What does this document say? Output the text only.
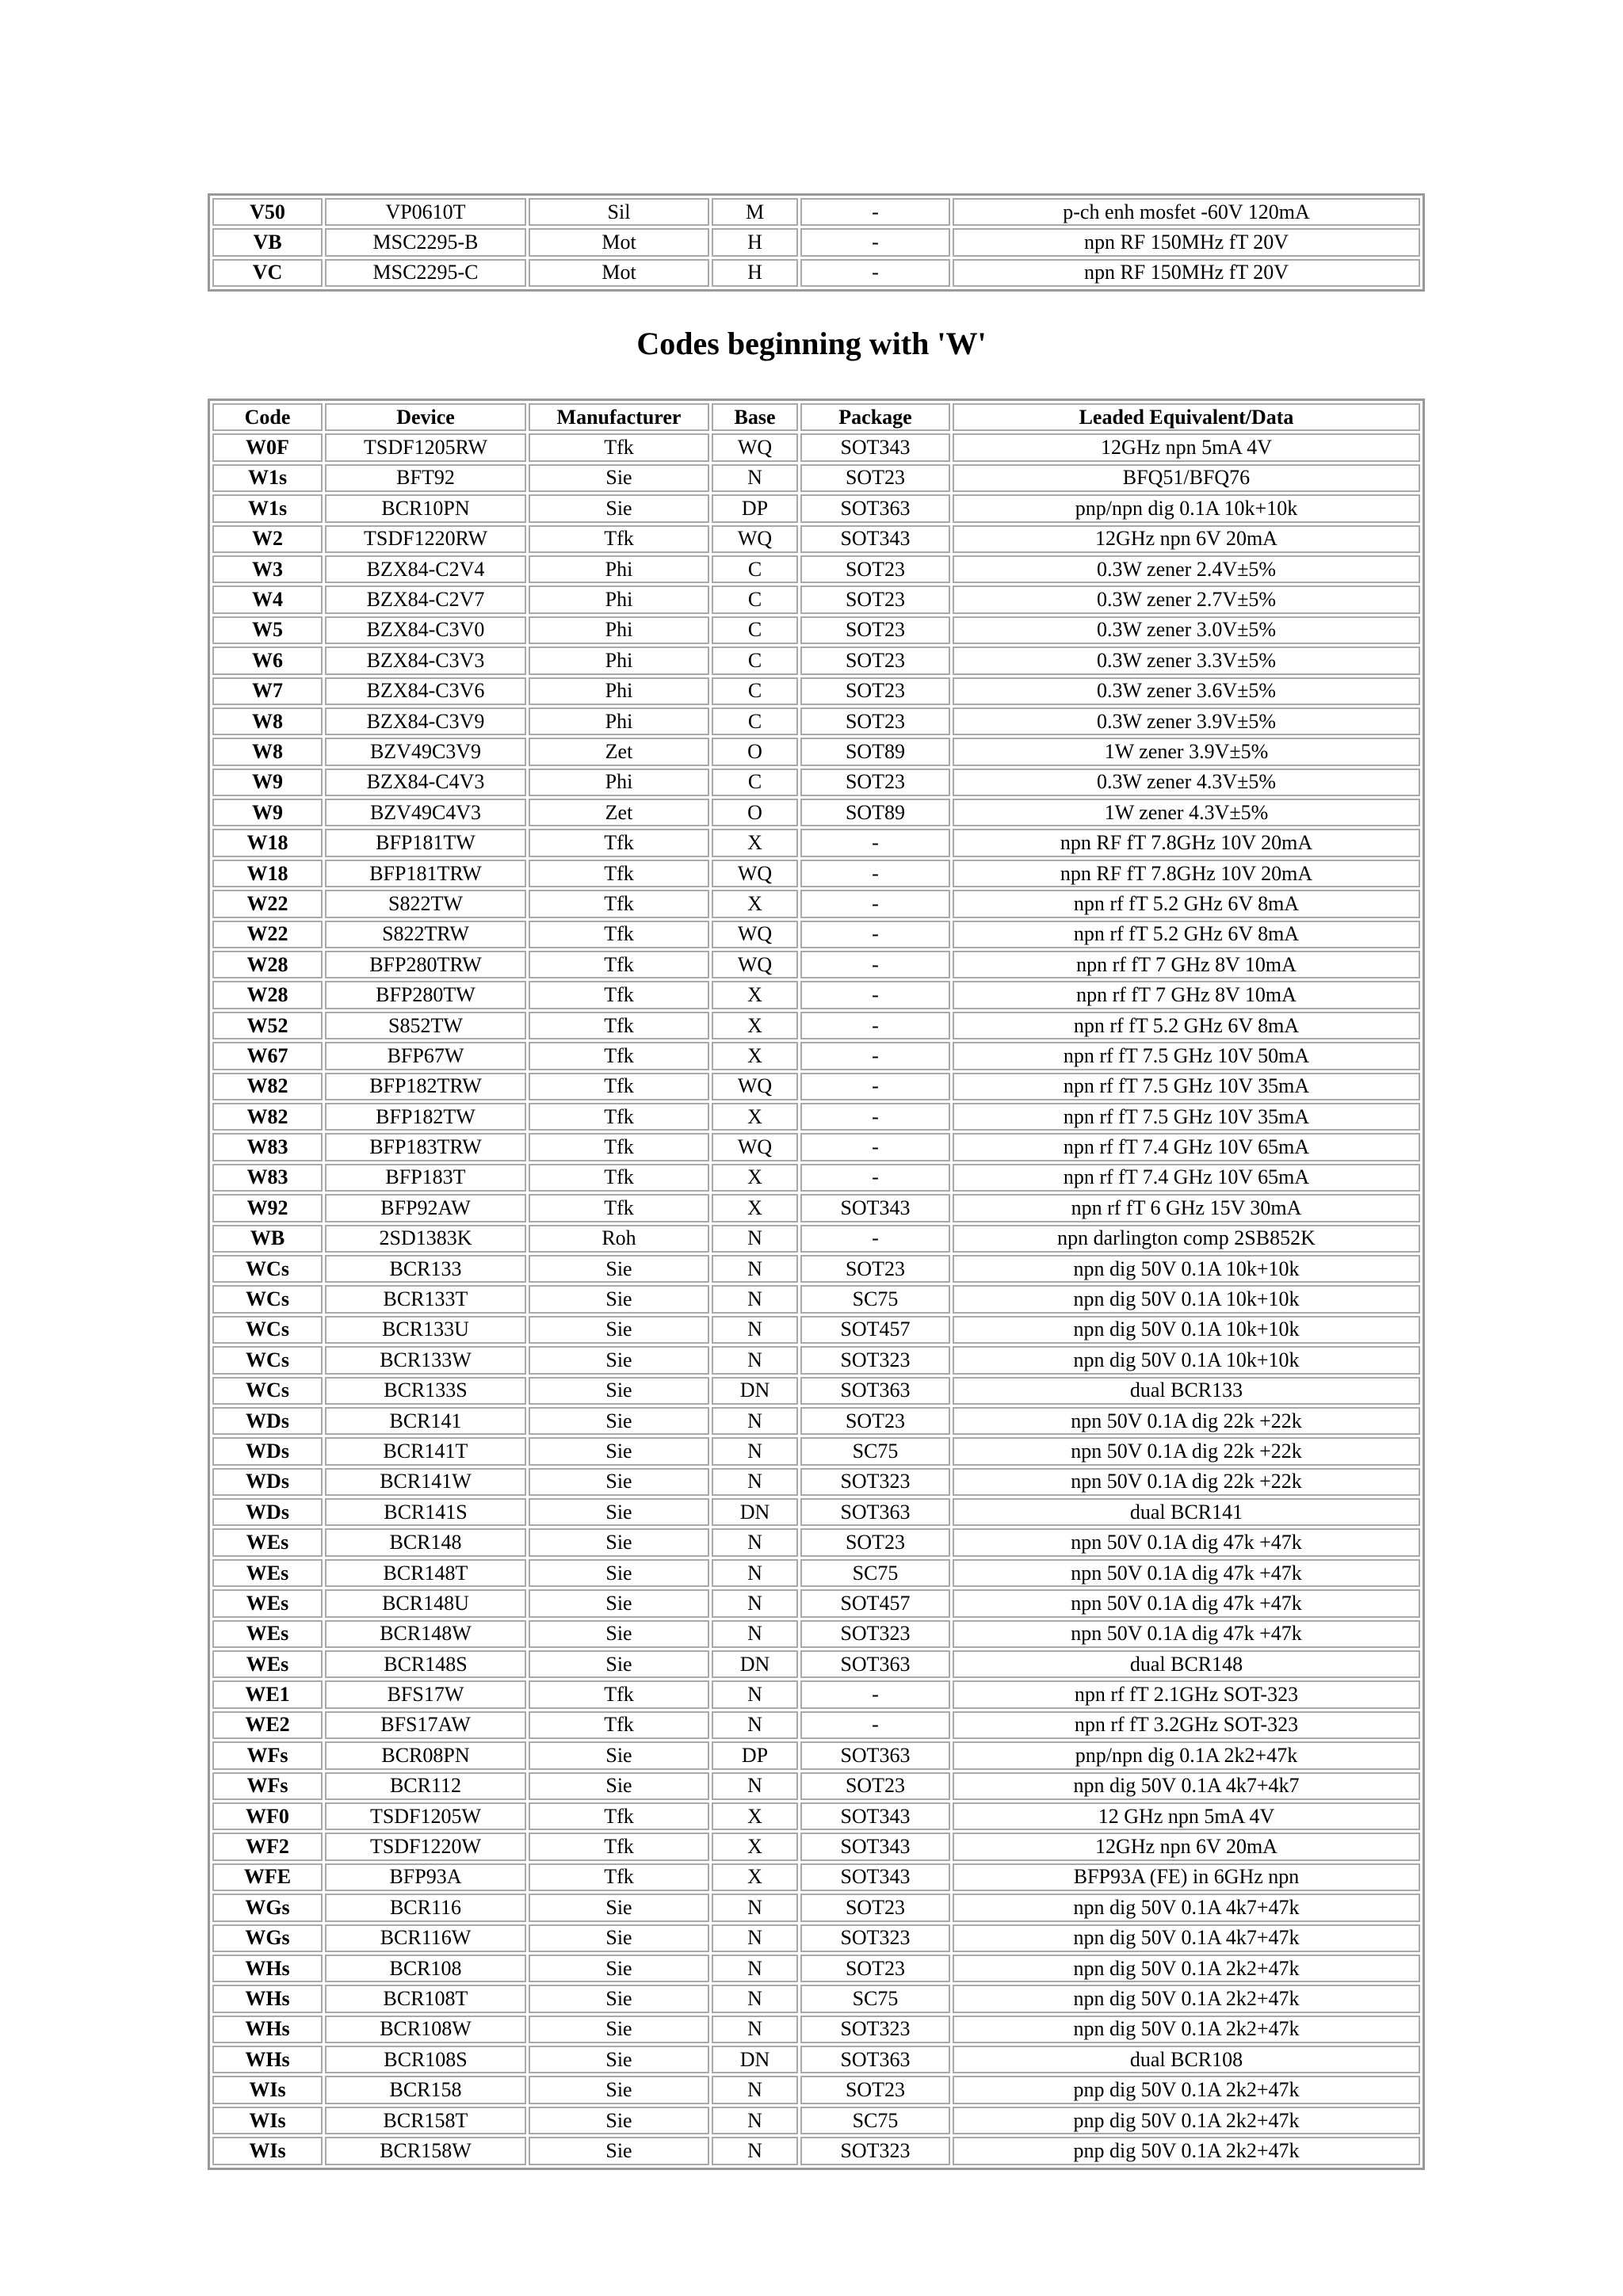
V50	VP0610T	Sil	M	-	p-ch enh mosfet -60V 120mA
VB	MSC2295-B	Mot	H	-	npn RF 150MHz fT 20V
VC	MSC2295-C	Mot	H	-	npn RF 150MHz fT 20V
Codes beginning with 'W'
Code	Device	Manufacturer	Base	Package	Leaded Equivalent/Data
W0F	TSDF1205RW	Tfk	WQ	SOT343	12GHz npn 5mA 4V
W1s	BFT92	Sie	N	SOT23	BFQ51/BFQ76
W1s	BCR10PN	Sie	DP	SOT363	pnp/npn dig 0.1A 10k+10k
W2	TSDF1220RW	Tfk	WQ	SOT343	12GHz npn 6V 20mA
W3	BZX84-C2V4	Phi	C	SOT23	0.3W zener 2.4V±5%
W4	BZX84-C2V7	Phi	C	SOT23	0.3W zener 2.7V±5%
W5	BZX84-C3V0	Phi	C	SOT23	0.3W zener 3.0V±5%
W6	BZX84-C3V3	Phi	C	SOT23	0.3W zener 3.3V±5%
W7	BZX84-C3V6	Phi	C	SOT23	0.3W zener 3.6V±5%
W8	BZX84-C3V9	Phi	C	SOT23	0.3W zener 3.9V±5%
W8	BZV49C3V9	Zet	O	SOT89	1W zener 3.9V±5%
W9	BZX84-C4V3	Phi	C	SOT23	0.3W zener 4.3V±5%
W9	BZV49C4V3	Zet	O	SOT89	1W zener 4.3V±5%
W18	BFP181TW	Tfk	X	-	npn RF fT 7.8GHz 10V 20mA
W18	BFP181TRW	Tfk	WQ	-	npn RF fT 7.8GHz 10V 20mA
W22	S822TW	Tfk	X	-	npn rf fT 5.2 GHz 6V 8mA
W22	S822TRW	Tfk	WQ	-	npn rf fT 5.2 GHz 6V 8mA
W28	BFP280TRW	Tfk	WQ	-	npn rf fT 7 GHz 8V 10mA
W28	BFP280TW	Tfk	X	-	npn rf fT 7 GHz 8V 10mA
W52	S852TW	Tfk	X	-	npn rf fT 5.2 GHz 6V 8mA
W67	BFP67W	Tfk	X	-	npn rf fT 7.5 GHz 10V 50mA
W82	BFP182TRW	Tfk	WQ	-	npn rf fT 7.5 GHz 10V 35mA
W82	BFP182TW	Tfk	X	-	npn rf fT 7.5 GHz 10V 35mA
W83	BFP183TRW	Tfk	WQ	-	npn rf fT 7.4 GHz 10V 65mA
W83	BFP183T	Tfk	X	-	npn rf fT 7.4 GHz 10V 65mA
W92	BFP92AW	Tfk	X	SOT343	npn rf fT 6 GHz 15V 30mA
WB	2SD1383K	Roh	N	-	npn darlington comp 2SB852K
WCs	BCR133	Sie	N	SOT23	npn dig 50V 0.1A 10k+10k
WCs	BCR133T	Sie	N	SC75	npn dig 50V 0.1A 10k+10k
WCs	BCR133U	Sie	N	SOT457	npn dig 50V 0.1A 10k+10k
WCs	BCR133W	Sie	N	SOT323	npn dig 50V 0.1A 10k+10k
WCs	BCR133S	Sie	DN	SOT363	dual BCR133
WDs	BCR141	Sie	N	SOT23	npn 50V 0.1A dig 22k +22k
WDs	BCR141T	Sie	N	SC75	npn 50V 0.1A dig 22k +22k
WDs	BCR141W	Sie	N	SOT323	npn 50V 0.1A dig 22k +22k
WDs	BCR141S	Sie	DN	SOT363	dual BCR141
WEs	BCR148	Sie	N	SOT23	npn 50V 0.1A dig 47k +47k
WEs	BCR148T	Sie	N	SC75	npn 50V 0.1A dig 47k +47k
WEs	BCR148U	Sie	N	SOT457	npn 50V 0.1A dig 47k +47k
WEs	BCR148W	Sie	N	SOT323	npn 50V 0.1A dig 47k +47k
WEs	BCR148S	Sie	DN	SOT363	dual BCR148
WE1	BFS17W	Tfk	N	-	npn rf fT 2.1GHz SOT-323
WE2	BFS17AW	Tfk	N	-	npn rf fT 3.2GHz SOT-323
WFs	BCR08PN	Sie	DP	SOT363	pnp/npn dig 0.1A 2k2+47k
WFs	BCR112	Sie	N	SOT23	npn dig 50V 0.1A 4k7+4k7
WF0	TSDF1205W	Tfk	X	SOT343	12 GHz npn 5mA 4V
WF2	TSDF1220W	Tfk	X	SOT343	12GHz npn 6V 20mA
WFE	BFP93A	Tfk	X	SOT343	BFP93A (FE) in 6GHz npn
WGs	BCR116	Sie	N	SOT23	npn dig 50V 0.1A 4k7+47k
WGs	BCR116W	Sie	N	SOT323	npn dig 50V 0.1A 4k7+47k
WHs	BCR108	Sie	N	SOT23	npn dig 50V 0.1A 2k2+47k
WHs	BCR108T	Sie	N	SC75	npn dig 50V 0.1A 2k2+47k
WHs	BCR108W	Sie	N	SOT323	npn dig 50V 0.1A 2k2+47k
WHs	BCR108S	Sie	DN	SOT363	dual BCR108
WIs	BCR158	Sie	N	SOT23	pnp dig 50V 0.1A 2k2+47k
WIs	BCR158T	Sie	N	SC75	pnp dig 50V 0.1A 2k2+47k
WIs	BCR158W	Sie	N	SOT323	pnp dig 50V 0.1A 2k2+47k
